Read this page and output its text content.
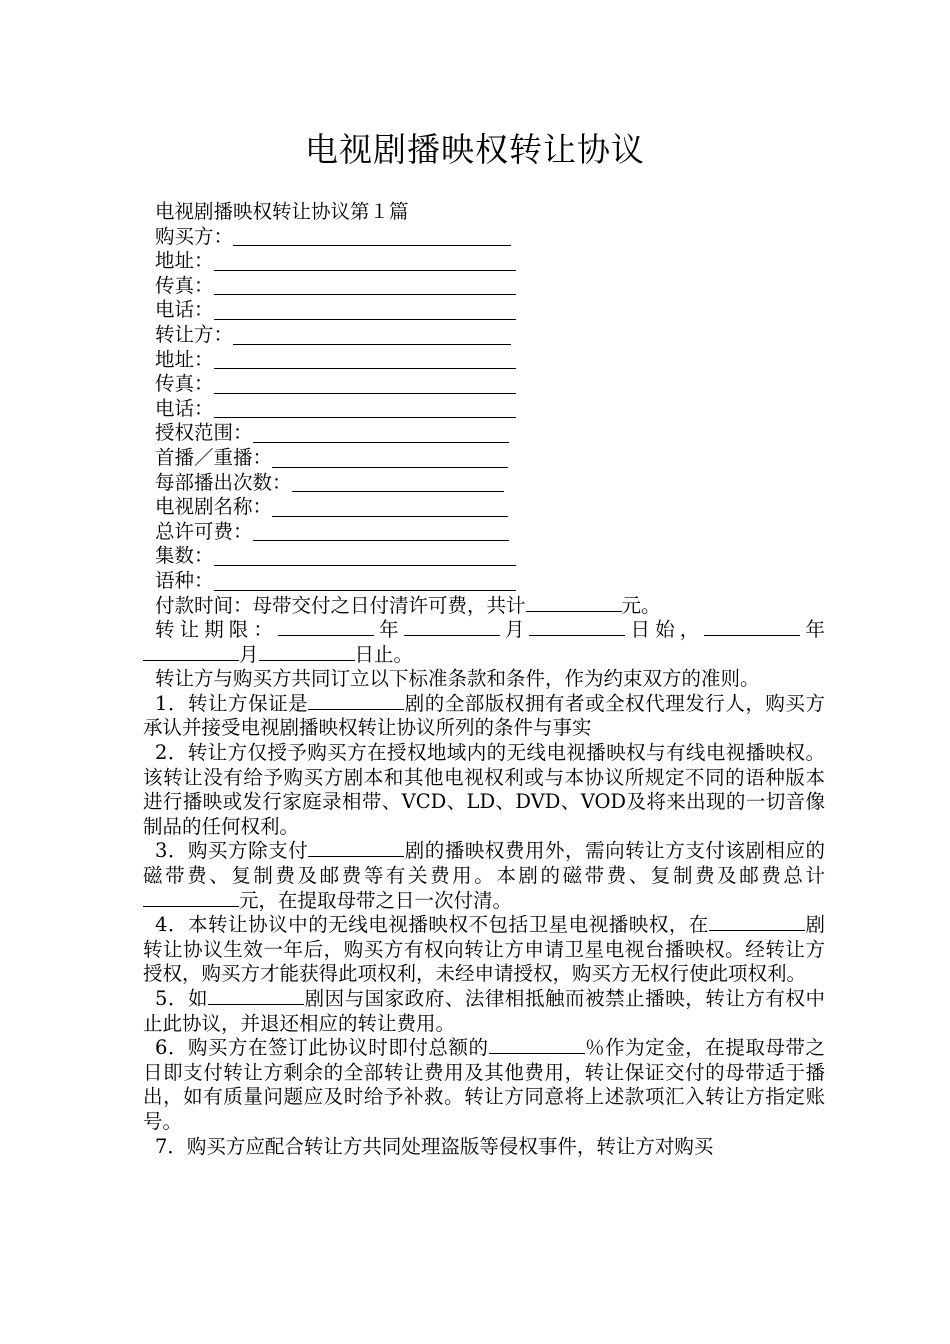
电视剧播映权转让协议
电视剧播映权转让协议第１篇
购买方：
地址：
传真：
电话：
转让方：
地址：
传真：
电话：
授权范围：
首播／重播：
每部播出次数：
电视剧名称：
总许可费：
集数：
语种：
付款时间：母带交付之日付清许可费，共计	元。
转让期限：	年	月	日始，	年月	日止。
转让方与购买方共同订立以下标准条款和条件，作为约束双方的准则。
1．转让方保证是	剧的全部版权拥有者或全权代理发行人，购买方承认并接受电视剧播映权转让协议所列的条件与事实
2．转让方仅授予购买方在授权地域内的无线电视播映权与有线电视播映权。该转让没有给予购买方剧本和其他电视权利或与本协议所规定不同的语种版本进行播映或发行家庭录相带、VCD、LD、DVD、VOD及将来出现的一切音像制品的任何权利。
3．购买方除支付	剧的播映权费用外，需向转让方支付该剧相应的磁带费、复制费及邮费等有关费用。本剧的磁带费、复制费及邮费总计元，在提取母带之日一次付清。
4．本转让协议中的无线电视播映权不包括卫星电视播映权，在	剧转让协议生效一年后，购买方有权向转让方申请卫星电视台播映权。经转让方授权，购买方才能获得此项权利，未经申请授权，购买方无权行使此项权利。
5．如	剧因与国家政府、法律相抵触而被禁止播映，转让方有权中止此协议，并退还相应的转让费用。
6．购买方在签订此协议时即付总额的	％作为定金，在提取母带之日即支付转让方剩余的全部转让费用及其他费用，转让保证交付的母带适于播出，如有质量问题应及时给予补救。转让方同意将上述款项汇入转让方指定账号。
7．购买方应配合转让方共同处理盗版等侵权事件，转让方对购买
